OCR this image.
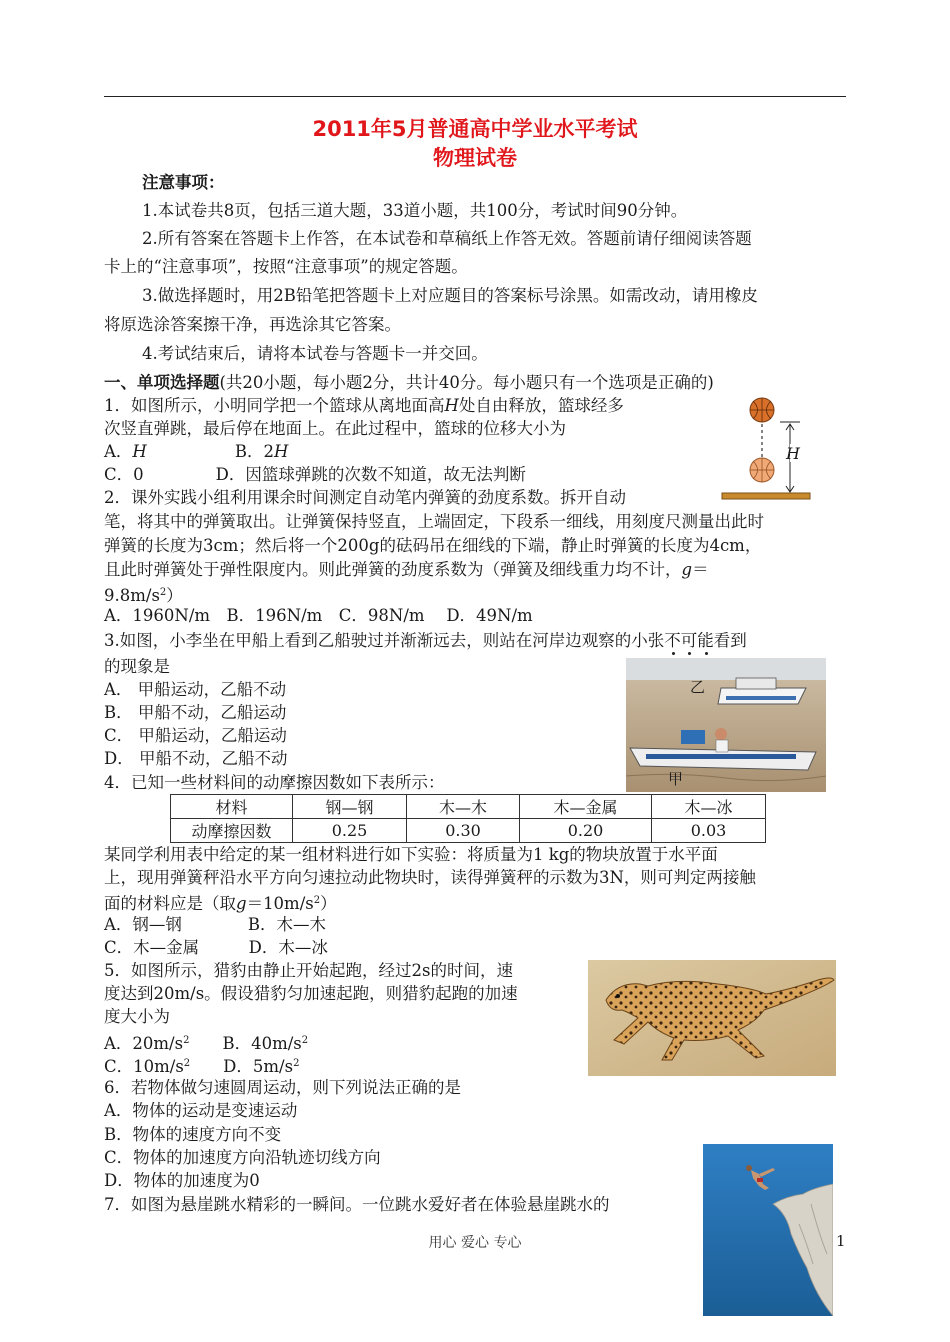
2011年5月普通高中学业水平考试
物理试卷
注意事项：
1.本试卷共8页，包括三道大题，33道小题，共100分，考试时间90分钟。
2.所有答案在答题卡上作答，在本试卷和草稿纸上作答无效。答题前请仔细阅读答题
卡上的“注意事项”，按照“注意事项”的规定答题。
3.做选择题时，用2B铅笔把答题卡上对应题目的答案标号涂黑。如需改动，请用橡皮
将原选涂答案擦干净，再选涂其它答案。
4.考试结束后，请将本试卷与答题卡一并交回。
一、单项选择题(共20小题，每小题2分，共计40分。每小题只有一个选项是正确的)
1．如图所示，小明同学把一个篮球从离地面高H处自由释放，篮球经多
次竖直弹跳，最后停在地面上。在此过程中，篮球的位移大小为
A．H	B．2H
C．0	D．因篮球弹跳的次数不知道，故无法判断
H
2．课外实践小组利用课余时间测定自动笔内弹簧的劲度系数。拆开自动
笔，将其中的弹簧取出。让弹簧保持竖直，上端固定，下段系一细线，用刻度尺测量出此时
弹簧的长度为3cm；然后将一个200g的砝码吊在细线的下端，静止时弹簧的长度为4cm，
且此时弹簧处于弹性限度内。则此弹簧的劲度系数为（弹簧及细线重力均不计，g＝
$9.8m/s^2$）
A．1960N/m　B．196N/m　C．98N/m　 D．49N/m
3.如图，小李坐在甲船上看到乙船驶过并渐渐远去，则站在河岸边观察的小张不可能看到
的现象是
A． 甲船运动，乙船不动
B． 甲船不动，乙船运动
C． 甲船运动，乙船运动
D． 甲船不动，乙船不动
乙
甲
4．已知一些材料间的动摩擦因数如下表所示：
材料	钢—钢	木—木	木—金属	木—冰
动摩擦因数	0.25	0.30	0.20	0.03
某同学利用表中给定的某一组材料进行如下实验：将质量为1 kg的物块放置于水平面
上，现用弹簧秤沿水平方向匀速拉动此物块时，读得弹簧秤的示数为3N，则可判定两接触
面的材料应是（取$g=10m/s^2$）
A．钢—钢　　　　B．木—木
C．木—金属　　　D．木—冰
5．如图所示，猎豹由静止开始起跑，经过2s的时间，速
度达到20m/s。假设猎豹匀加速起跑，则猎豹起跑的加速
度大小为
A．$20m/s^2$　　B．$40m/s^2$
C．$10m/s^2$　　D．$5m/s^2$
6．若物体做匀速圆周运动，则下列说法正确的是
A．物体的运动是变速运动
B．物体的速度方向不变
C．物体的加速度方向沿轨迹切线方向
D．物体的加速度为0
7．如图为悬崖跳水精彩的一瞬间。一位跳水爱好者在体验悬崖跳水的
用心 爱心 专心	1
